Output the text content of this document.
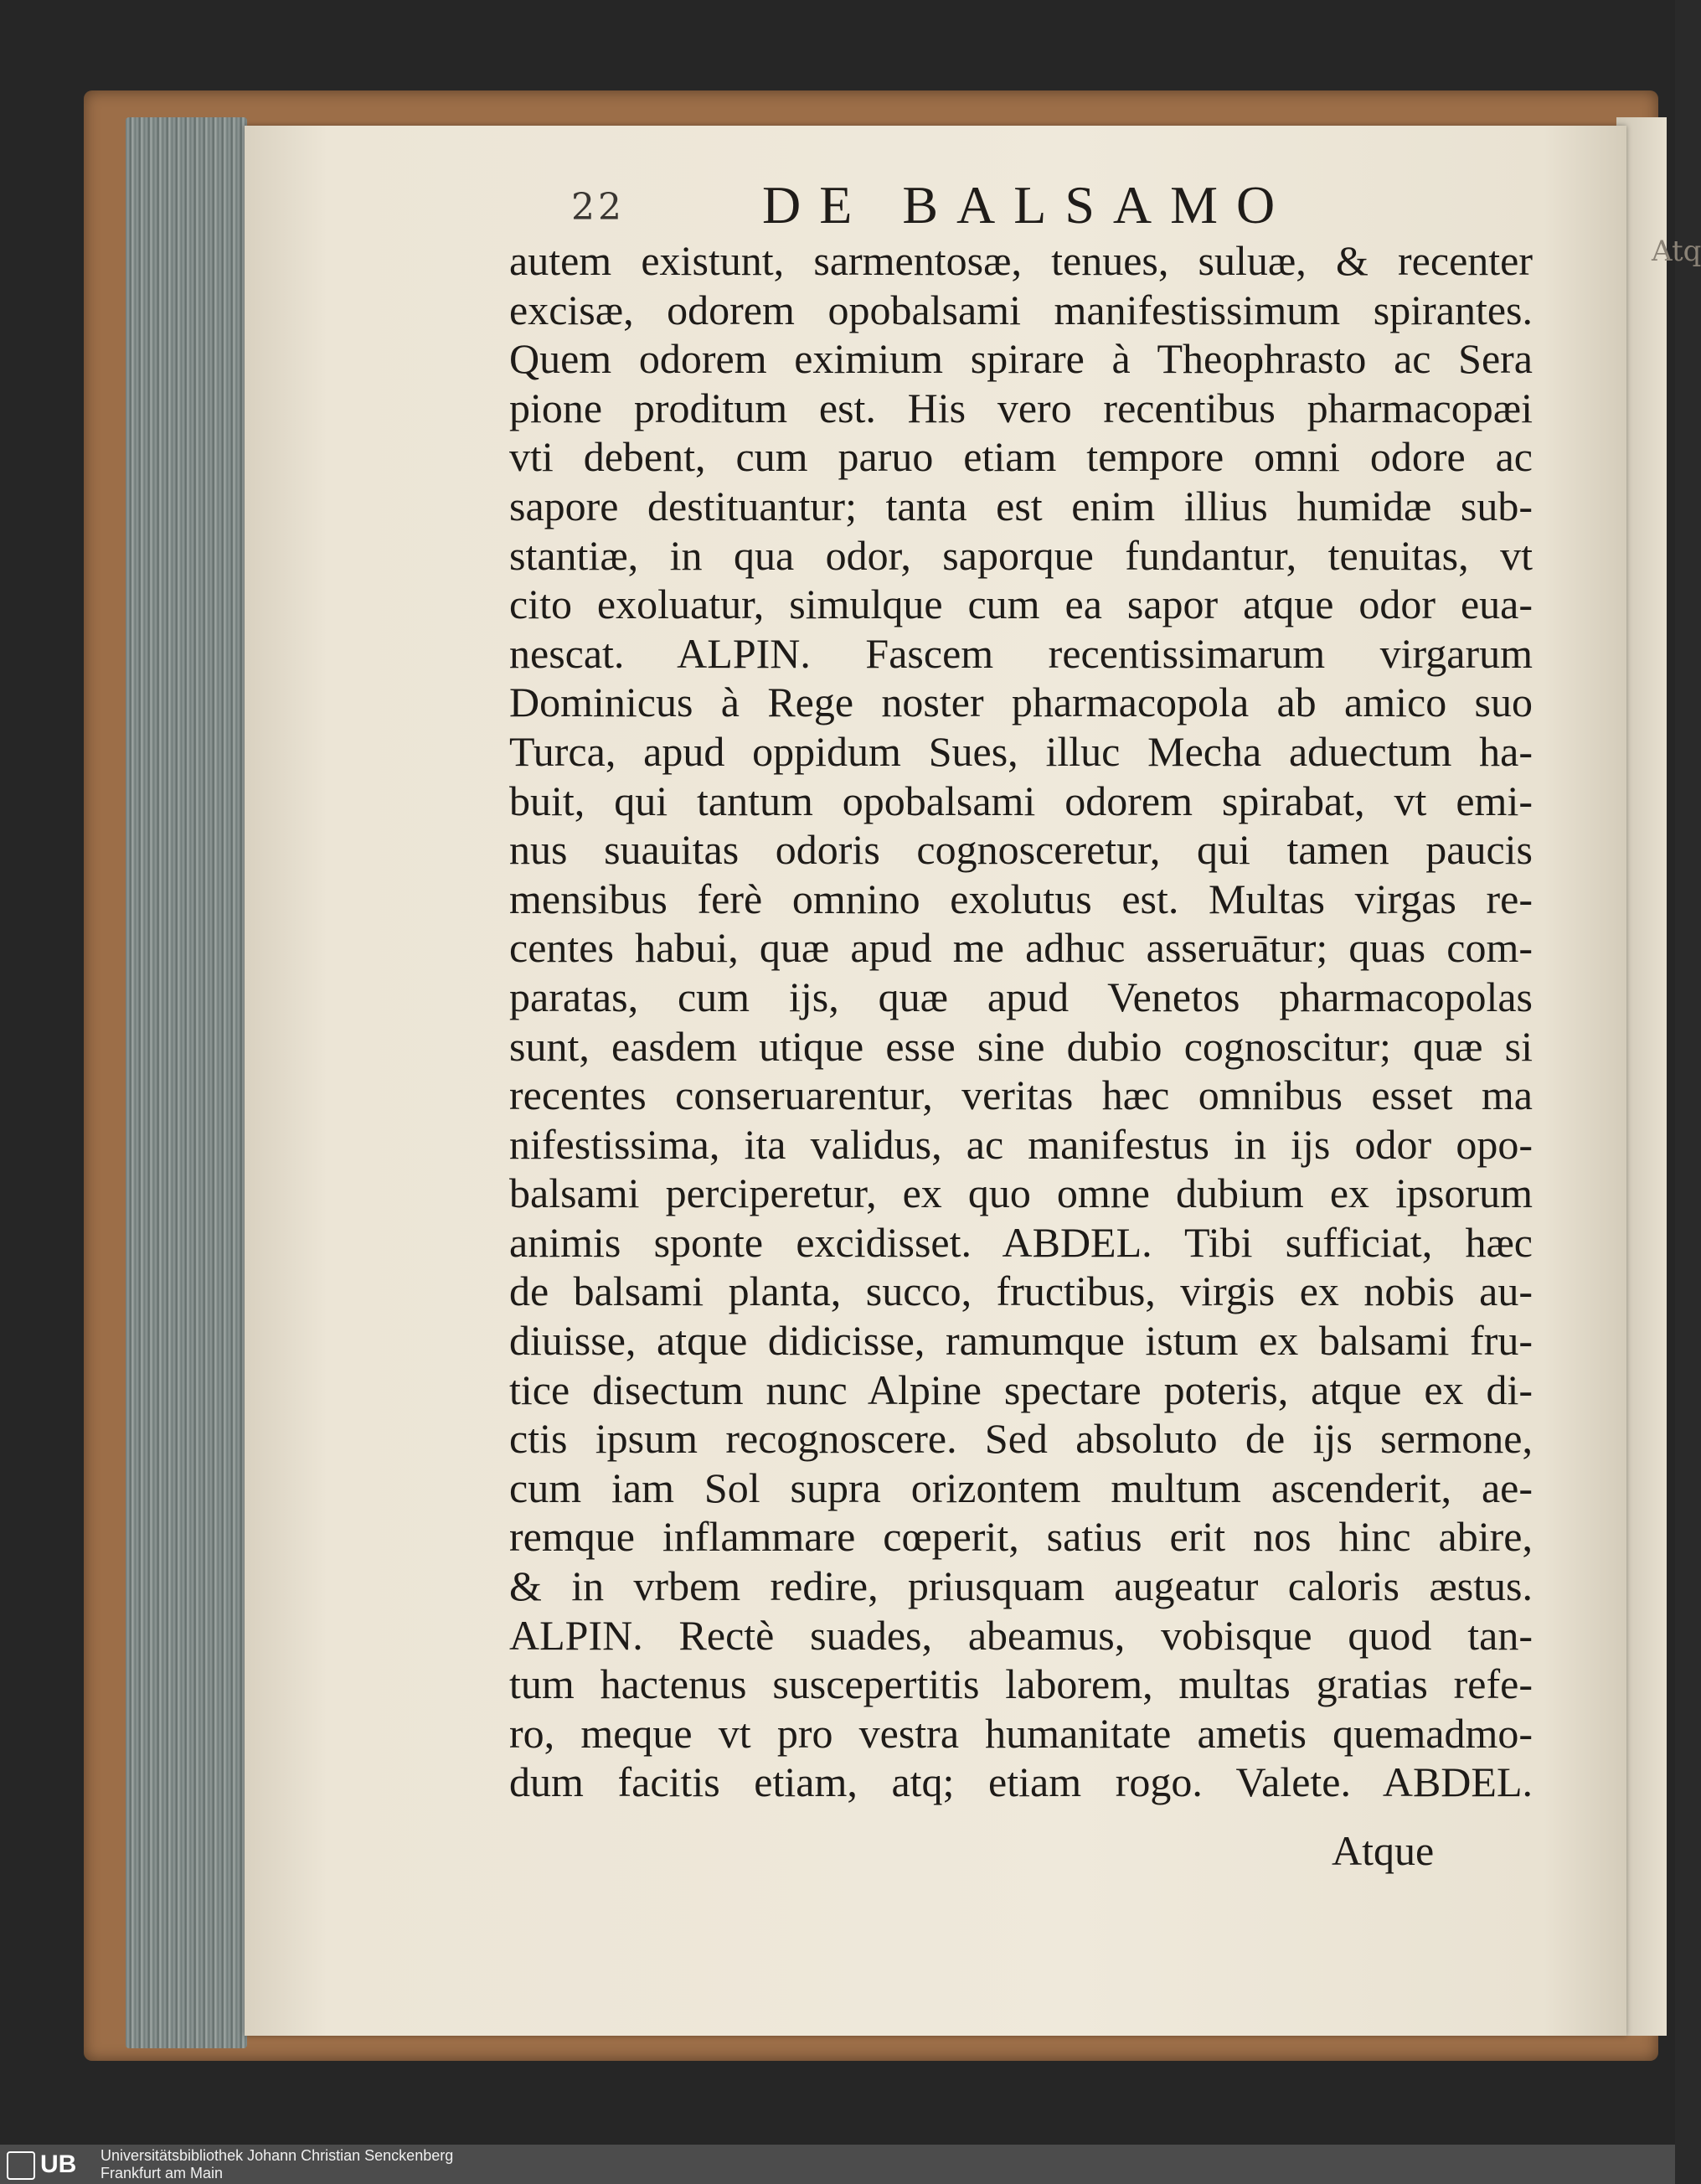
Atq
22	DE BALSAMO
autem existunt, sarmentosæ, tenues, suluæ, & recenter
excisæ, odorem opobalsami manifestissimum spirantes.
Quem odorem eximium spirare à Theophrasto ac Sera
pione proditum est. His vero recentibus pharmacopæi
vti debent, cum paruo etiam tempore omni odore ac
sapore destituantur; tanta est enim illius humidæ sub-
stantiæ, in qua odor, saporque fundantur, tenuitas, vt
cito exoluatur, simulque cum ea sapor atque odor eua-
nescat. ALPIN. Fascem recentissimarum virgarum
Dominicus à Rege noster pharmacopola ab amico suo
Turca, apud oppidum Sues, illuc Mecha aduectum ha-
buit, qui tantum opobalsami odorem spirabat, vt emi-
nus suauitas odoris cognosceretur, qui tamen paucis
mensibus ferè omnino exolutus est. Multas virgas re-
centes habui, quæ apud me adhuc asseruātur; quas com-
paratas, cum ijs, quæ apud Venetos pharmacopolas
sunt, easdem utique esse sine dubio cognoscitur; quæ si
recentes conseruarentur, veritas hæc omnibus esset ma
nifestissima, ita validus, ac manifestus in ijs odor opo-
balsami perciperetur, ex quo omne dubium ex ipsorum
animis sponte excidisset. ABDEL. Tibi sufficiat, hæc
de balsami planta, succo, fructibus, virgis ex nobis au-
diuisse, atque didicisse, ramumque istum ex balsami fru-
tice disectum nunc Alpine spectare poteris, atque ex di-
ctis ipsum recognoscere. Sed absoluto de ijs sermone,
cum iam Sol supra orizontem multum ascenderit, ae-
remque inflammare cœperit, satius erit nos hinc abire,
& in vrbem redire, priusquam augeatur caloris æstus.
ALPIN. Rectè suades, abeamus, vobisque quod tan-
tum hactenus suscepertitis laborem, multas gratias refe-
ro, meque vt pro vestra humanitate ametis quemadmo-
dum facitis etiam, atq; etiam rogo. Valete. ABDEL.
Atque
UB	Universitätsbibliothek Johann Christian Senckenberg
Frankfurt am Main
